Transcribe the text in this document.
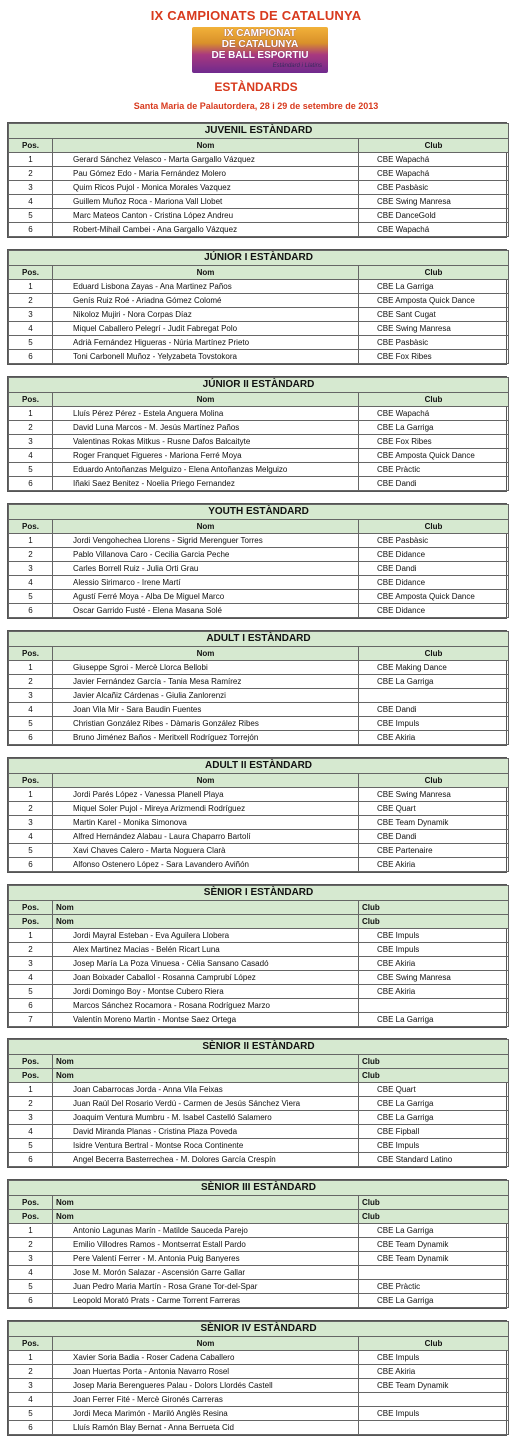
IX CAMPIONATS DE CATALUNYA
IX CAMPIONAT
DE CATALUNYA
DE BALL ESPORTIU
Estàndard i Llatins
ESTÀNDARDS
Santa Maria de Palautordera, 28 i 29 de setembre de 2013
JUVENIL ESTÀNDARD		
Pos.	Nom	Club
1	Gerard Sánchez Velasco - Marta Gargallo Vázquez	CBE Wapachá
2	Pau Gómez Edo - Maria Fernández Molero	CBE Wapachá
3	Quim Ricos Pujol - Monica Morales Vazquez	CBE Pasbàsic
4	Guillem Muñoz Roca - Mariona Vall Llobet	CBE Swing Manresa
5	Marc Mateos Canton - Cristina López Andreu	CBE DanceGold
6	Robert-Mihail Cambei - Ana Gargallo Vázquez	CBE Wapachá
JÚNIOR I ESTÀNDARD		
Pos.	Nom	Club
1	Eduard Lisbona Zayas - Ana Martinez Paños	CBE La Garriga
2	Genís Ruiz Roé - Ariadna Gómez Colomé	CBE Amposta Quick Dance
3	Nikoloz Mujiri - Nora Corpas Díaz	CBE Sant Cugat
4	Miquel Caballero Pelegrí - Judit Fabregat Polo	CBE Swing Manresa
5	Adrià Fernández Higueras - Núria Martínez Prieto	CBE Pasbàsic
6	Toni Carbonell Muñoz - Yelyzabeta Tovstokora	CBE Fox Ribes
JÚNIOR II ESTÀNDARD		
Pos.	Nom	Club
1	Lluís Pérez Pérez - Estela Anguera Molina	CBE Wapachá
2	David Luna Marcos - M. Jesús Martínez Paños	CBE La Garriga
3	Valentinas Rokas Mitkus - Rusne Dafos Balcaityte	CBE Fox Ribes
4	Roger Franquet Figueres - Mariona Ferré Moya	CBE Amposta Quick Dance
5	Eduardo Antoñanzas Melguizo - Elena Antoñanzas Melguizo	CBE Pràctic
6	Iñaki Saez Benitez - Noelia Priego Fernandez	CBE Dandi
YOUTH ESTÀNDARD		
Pos.	Nom	Club
1	Jordi Vengohechea Llorens - Sigrid Merenguer Torres	CBE Pasbàsic
2	Pablo Villanova Caro - Cecilia Garcia Peche	CBE Didance
3	Carles Borrell Ruiz - Julia Orti Grau	CBE Dandi
4	Alessio Sirimarco - Irene Martí	CBE Didance
5	Agustí Ferré Moya - Alba De Miguel Marco	CBE Amposta Quick Dance
6	Oscar Garrido Fusté - Elena Masana Solé	CBE Didance
ADULT I ESTÀNDARD		
Pos.	Nom	Club
1	Giuseppe Sgroi - Mercè Llorca Bellobi	CBE Making Dance
2	Javier Fernández García - Tania Mesa Ramírez	CBE La Garriga
3	Javier Alcañiz Cárdenas - Giulia Zanlorenzi	
4	Joan Vila Mir - Sara Baudin Fuentes	CBE Dandi
5	Christian González Ribes - Dàmaris González Ribes	CBE Impuls
6	Bruno Jiménez Baños - Meritxell Rodríguez Torrejón	CBE Akiria
ADULT II ESTÀNDARD		
Pos.	Nom	Club
1	Jordi Parés López - Vanessa Planell Playa	CBE Swing Manresa
2	Miquel Soler Pujol - Mireya Arizmendi Rodríguez	CBE Quart
3	Martin Karel - Monika Simonova	CBE Team Dynamik
4	Alfred Hernández Alabau - Laura Chaparro Bartolí	CBE Dandi
5	Xavi Chaves Calero - Marta Noguera Clarà	CBE Partenaire
6	Alfonso Ostenero López - Sara Lavandero Aviñón	CBE Akiria
SÈNIOR I ESTÀNDARD		
Pos.	Nom	Club
Pos.	Nom	Club
1	Jordi Mayral Esteban - Eva Aguilera Llobera	CBE Impuls
2	Alex Martinez Macias - Belén Ricart Luna	CBE Impuls
3	Josep María La Poza Vinuesa - Cèlia Sansano Casadó	CBE Akiria
4	Joan Boixader Caballol - Rosanna Camprubí López	CBE Swing Manresa
5	Jordi Domingo Boy - Montse Cubero Riera	CBE Akiria
6	Marcos Sánchez Rocamora - Rosana Rodríguez Marzo	
7	Valentín Moreno Martin - Montse Saez Ortega	CBE La Garriga
SÈNIOR II ESTÀNDARD		
Pos.	Nom	Club
Pos.	Nom	Club
1	Joan Cabarrocas Jorda - Anna Vila Feixas	CBE Quart
2	Juan Raúl Del Rosario Verdú - Carmen de Jesús Sánchez Viera	CBE La Garriga
3	Joaquim Ventura Mumbru - M. Isabel Castelló Salamero	CBE La Garriga
4	David Miranda Planas - Cristina Plaza Poveda	CBE Fipball
5	Isidre Ventura Bertral - Montse Roca Continente	CBE Impuls
6	Angel Becerra Basterrechea - M. Dolores García Crespín	CBE Standard Latino
SÈNIOR III ESTÀNDARD		
Pos.	Nom	Club
Pos.	Nom	Club
1	Antonio Lagunas Marín - Matilde Sauceda Parejo	CBE La Garriga
2	Emilio Villodres Ramos - Montserrat Estall Pardo	CBE Team Dynamik
3	Pere Valentí Ferrer - M. Antonia Puig Banyeres	CBE Team Dynamik
4	Jose M. Morón Salazar - Ascensión Garre Gallar	
5	Juan Pedro Maria Martín - Rosa Grane Tor-del-Spar	CBE Pràctic
6	Leopold Morató Prats - Carme Torrent Farreras	CBE La Garriga
SÈNIOR IV ESTÀNDARD		
Pos.	Nom	Club
1	Xavier Soria Badia - Roser Cadena Caballero	CBE Impuls
2	Joan Huertas Porta - Antonia Navarro Rosel	CBE Akiria
3	Josep Maria Berengueres Palau - Dolors Llordés Castell	CBE Team Dynamik
4	Joan Ferrer Fité - Mercè Gironés Carreras	
5	Jordi Meca Marimón - Mariló Anglès Resina	CBE Impuls
6	Lluís Ramón Blay Bernat - Anna Berrueta Cid	
